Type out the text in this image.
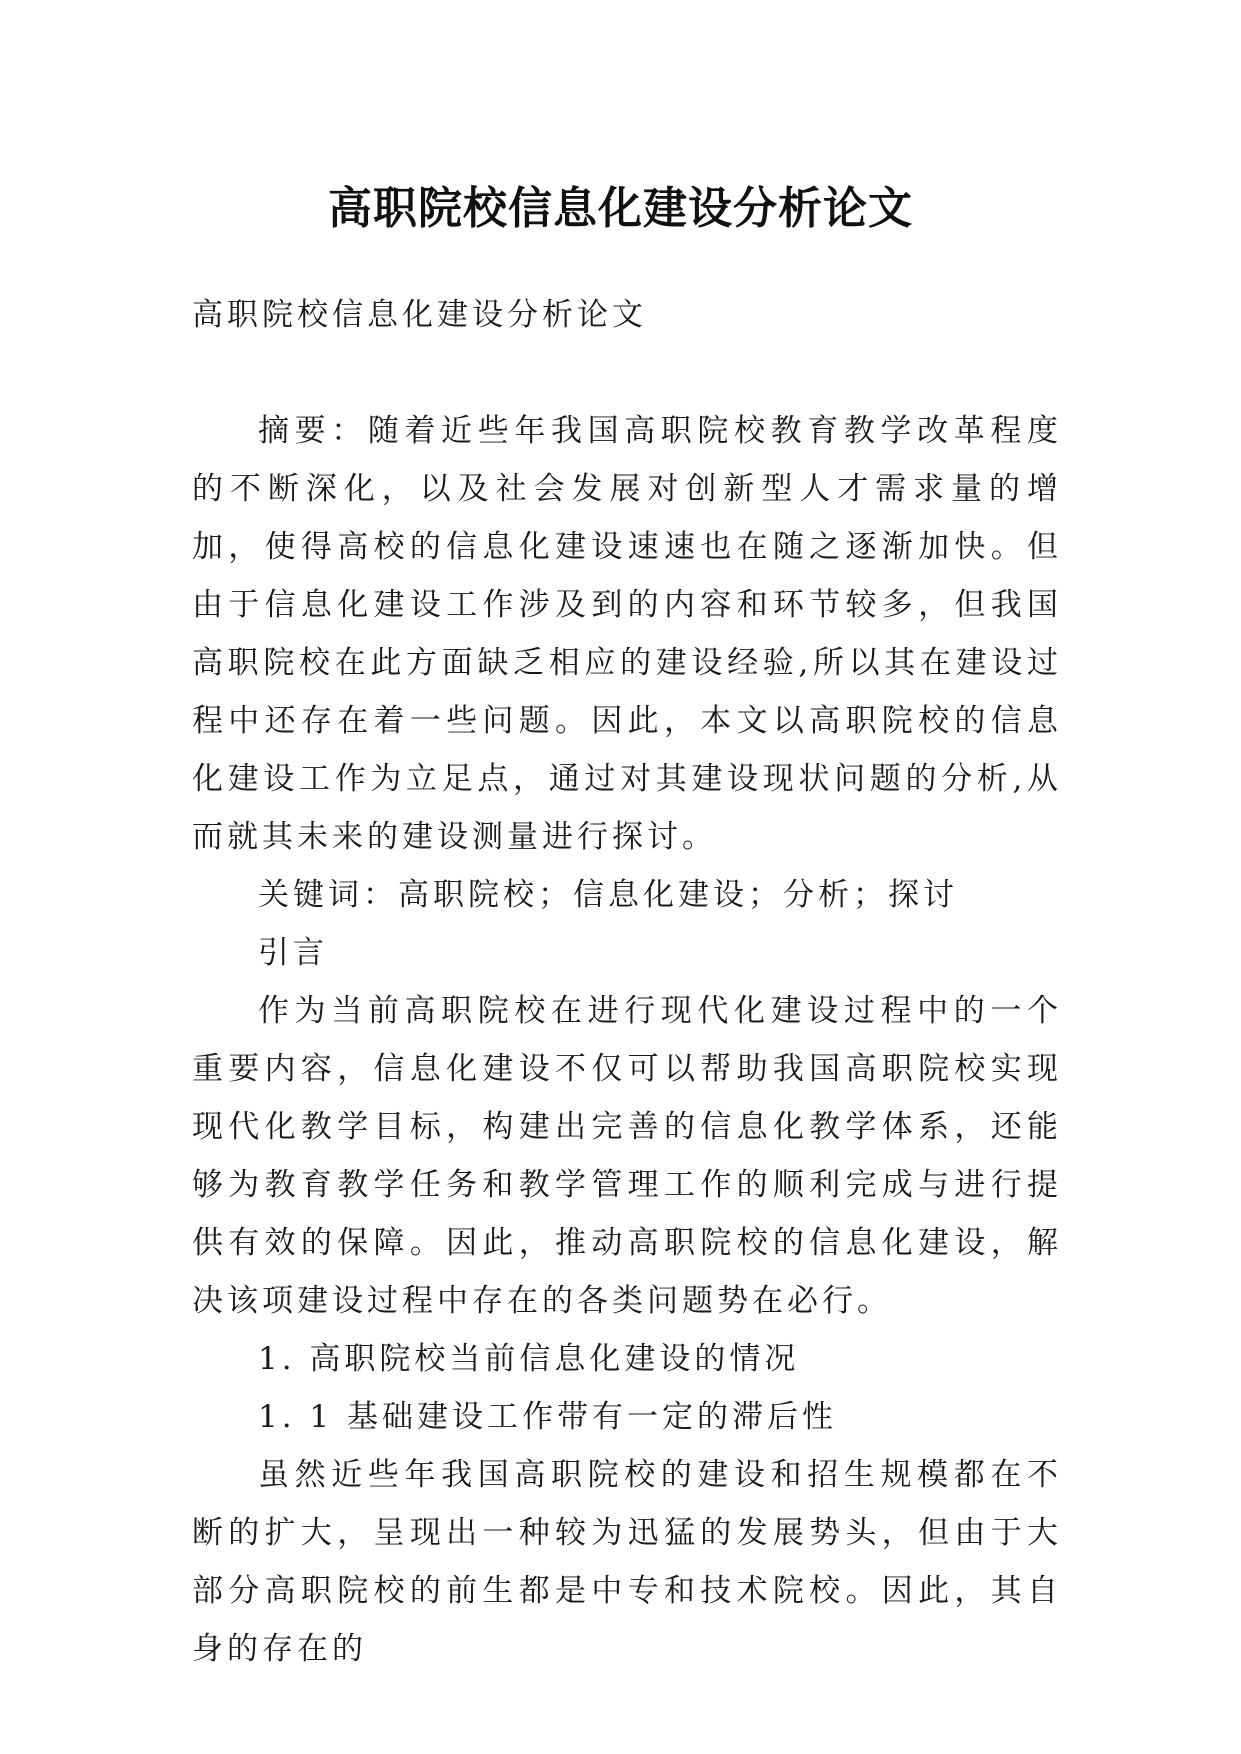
高职院校信息化建设分析论文

高职院校信息化建设分析论文

摘要：随着近些年我国高职院校教育教学改革程度的不断深化，以及社会发展对创新型人才需求量的增加，使得高校的信息化建设速速也在随之逐渐加快。但由于信息化建设工作涉及到的内容和环节较多，但我国高职院校在此方面缺乏相应的建设经验,所以其在建设过程中还存在着一些问题。因此，本文以高职院校的信息化建设工作为立足点，通过对其建设现状问题的分析,从而就其未来的建设测量进行探讨。

关键词：高职院校；信息化建设；分析；探讨

引言

作为当前高职院校在进行现代化建设过程中的一个重要内容，信息化建设不仅可以帮助我国高职院校实现现代化教学目标，构建出完善的信息化教学体系，还能够为教育教学任务和教学管理工作的顺利完成与进行提供有效的保障。因此，推动高职院校的信息化建设，解决该项建设过程中存在的各类问题势在必行。

1. 高职院校当前信息化建设的情况

1. 1 基础建设工作带有一定的滞后性

虽然近些年我国高职院校的建设和招生规模都在不断的扩大，呈现出一种较为迅猛的发展势头，但由于大部分高职院校的前生都是中专和技术院校。因此，其自身的存在的
